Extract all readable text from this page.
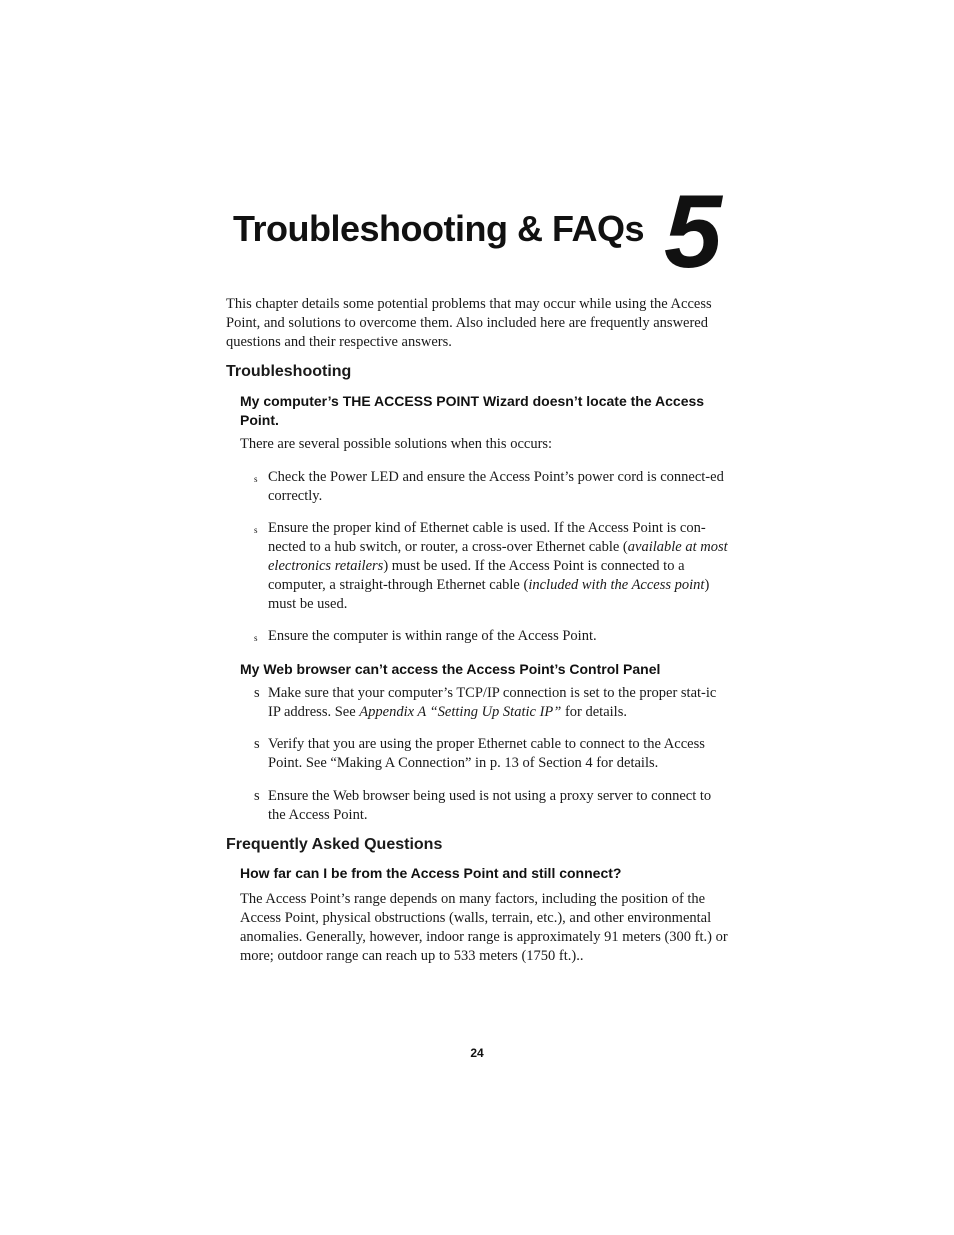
Troubleshooting & FAQs 5

This chapter details some potential problems that may occur while using the Access Point, and solutions to overcome them. Also included here are frequently answered questions and their respective answers.

Troubleshooting
My computer’s THE ACCESS POINT Wizard doesn’t locate the Access Point.

There are several possible solutions when this occurs:

s Check the Power LED and ensure the Access Point’s power cord is connect-ed correctly.
s Ensure the proper kind of Ethernet cable is used. If the Access Point is con-nected to a hub switch, or router, a cross-over Ethernet cable (available at most electronics retailers) must be used. If the Access Point is connected to a computer, a straight-through Ethernet cable (included with the Access point) must be used.
s Ensure the computer is within range of the Access Point.
My Web browser can’t access the Access Point’s Control Panel
s Make sure that your computer’s TCP/IP connection is set to the proper stat-ic IP address. See Appendix A “Setting Up Static IP” for details.
s Verify that you are using the proper Ethernet cable to connect to the Access Point. See “Making A Connection” in p. 13 of Section 4 for details.
s Ensure the Web browser being used is not using a proxy server to connect to the Access Point.
Frequently Asked Questions
How far can I be from the Access Point and still connect?

The Access Point’s range depends on many factors, including the position of the Access Point, physical obstructions (walls, terrain, etc.), and other environmental anomalies. Generally, however, indoor range is approximately 91 meters (300 ft.) or more; outdoor range can reach up to 533 meters (1750 ft.)..

24
